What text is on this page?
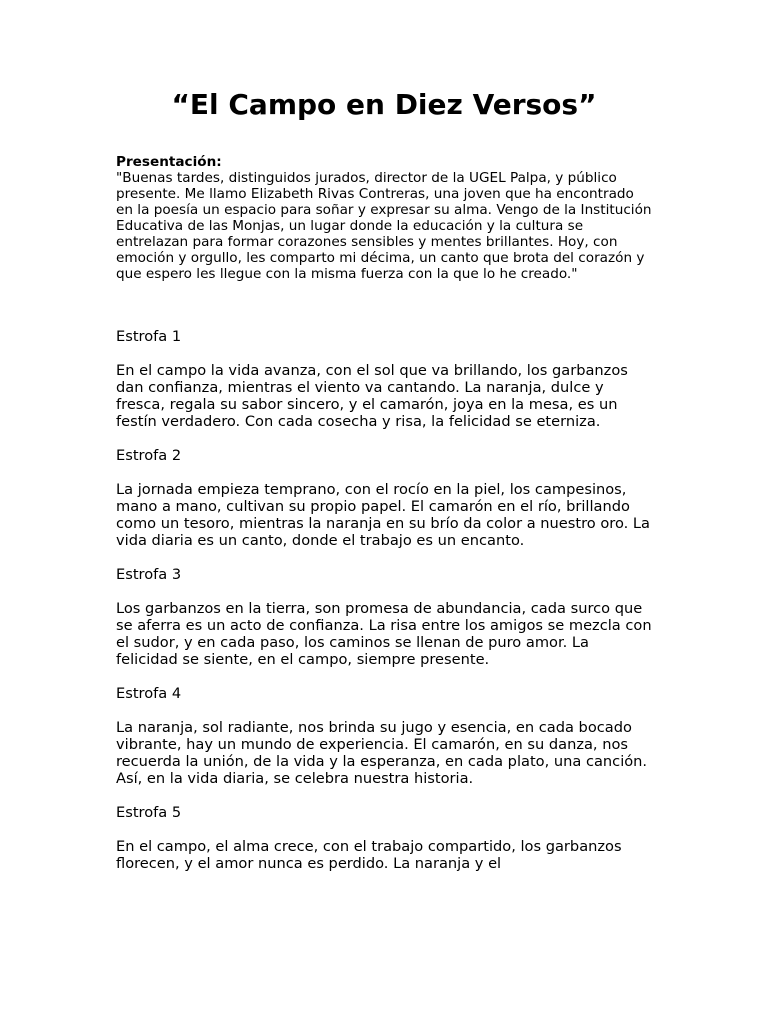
“El Campo en Diez Versos”
Presentación:
"Buenas tardes, distinguidos jurados, director de la UGEL Palpa, y público presente. Me llamo Elizabeth Rivas Contreras, una joven que ha encontrado en la poesía un espacio para soñar y expresar su alma. Vengo de la Institución Educativa de las Monjas, un lugar donde la educación y la cultura se entrelazan para formar corazones sensibles y mentes brillantes. Hoy, con emoción y orgullo, les comparto mi décima, un canto que brota del corazón y que espero les llegue con la misma fuerza con la que lo he creado."
Estrofa 1
En el campo la vida avanza, con el sol que va brillando, los garbanzos dan confianza, mientras el viento va cantando. La naranja, dulce y fresca, regala su sabor sincero, y el camarón, joya en la mesa, es un festín verdadero. Con cada cosecha y risa, la felicidad se eterniza.
Estrofa 2
La jornada empieza temprano, con el rocío en la piel, los campesinos, mano a mano, cultivan su propio papel. El camarón en el río, brillando como un tesoro, mientras la naranja en su brío da color a nuestro oro. La vida diaria es un canto, donde el trabajo es un encanto.
Estrofa 3
Los garbanzos en la tierra, son promesa de abundancia, cada surco que se aferra es un acto de confianza. La risa entre los amigos se mezcla con el sudor, y en cada paso, los caminos se llenan de puro amor. La felicidad se siente, en el campo, siempre presente.
Estrofa 4
La naranja, sol radiante, nos brinda su jugo y esencia, en cada bocado vibrante, hay un mundo de experiencia. El camarón, en su danza, nos recuerda la unión, de la vida y la esperanza, en cada plato, una canción. Así, en la vida diaria, se celebra nuestra historia.
Estrofa 5
En el campo, el alma crece, con el trabajo compartido, los garbanzos florecen, y el amor nunca es perdido. La naranja y el
